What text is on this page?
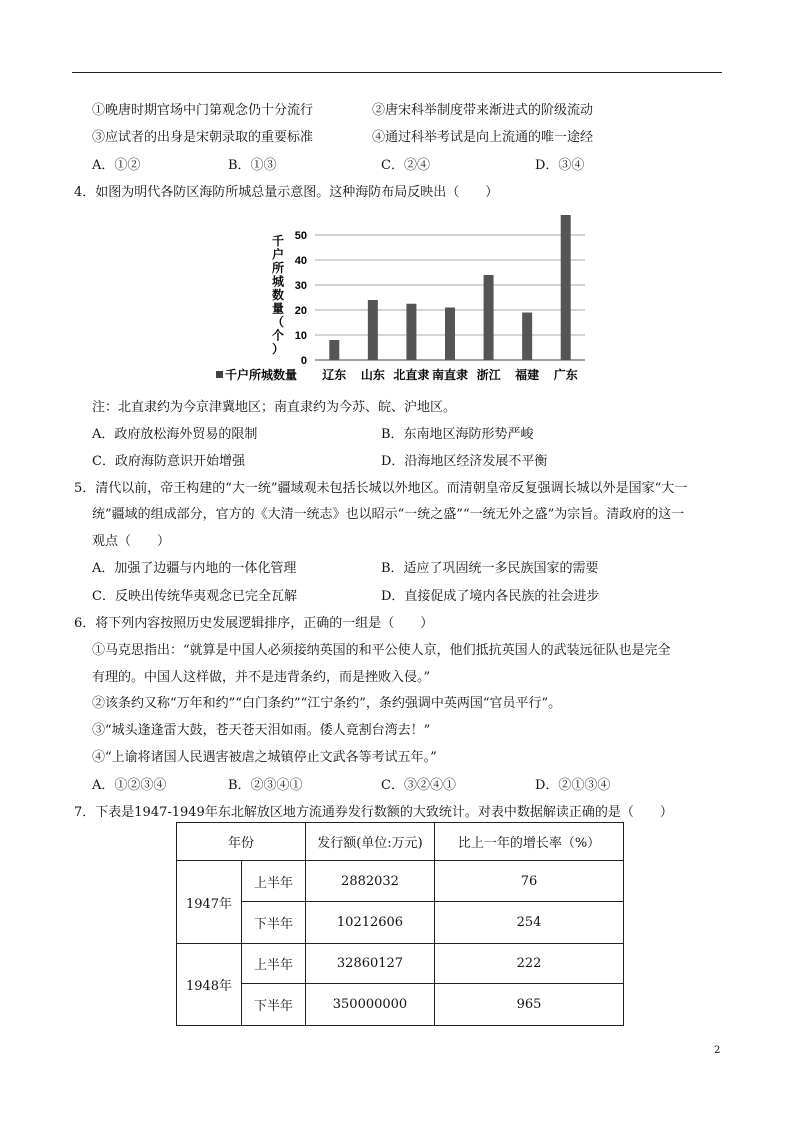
①晚唐时期官场中门第观念仍十分流行	②唐宋科举制度带来渐进式的阶级流动
③应试者的出身是宋朝录取的重要标准	④通过科举考试是向上流通的唯一途经
A．①②	B．①③	C．②④	D．③④
4．如图为明代各防区海防所城总量示意图。这种海防布局反映出（　　）
0
10
20
30
40
50
千
户
所
城
数
量
（
个
）
辽东 山东 北直隶 南直隶 浙江 福建 广东
千户所城数量
注：北直隶约为今京津冀地区；南直隶约为今苏、皖、沪地区。
A．政府放松海外贸易的限制	B．东南地区海防形势严峻
C．政府海防意识开始增强	D．沿海地区经济发展不平衡
5．清代以前，帝王构建的“大一统”疆域观未包括长城以外地区。而清朝皇帝反复强调长城以外是国家“大一
统”疆域的组成部分，官方的《大清一统志》也以昭示“一统之盛”“一统无外之盛”为宗旨。清政府的这一
观点（　　）
A．加强了边疆与内地的一体化管理	B．适应了巩固统一多民族国家的需要
C．反映出传统华夷观念已完全瓦解	D．直接促成了境内各民族的社会进步
6．将下列内容按照历史发展逻辑排序，正确的一组是（　　）
①马克思指出：“就算是中国人必须接纳英国的和平公使人京，他们抵抗英国人的武装远征队也是完全
有理的。中国人这样做，并不是违背条约，而是挫败入侵。”
②该条约又称“万年和约”“白门条约”“江宁条约”，条约强调中英两国“官员平行”。
③“城头逢逢雷大鼓，苍天苍天泪如雨。倭人竟割台湾去！”
④“上谕将诸国人民遇害被虐之城镇停止文武各等考试五年。”
A．①②③④	B．②③④①	C．③②④①	D．②①③④
7．下表是1947-1949年东北解放区地方流通券发行数额的大致统计。对表中数据解读正确的是（　　）
年份		发行额(单位:万元)	比上一年的增长率（%）
1947年	上半年	2882032	76
	下半年	10212606	254
1948年	上半年	32860127	222
	下半年	350000000	965
2
